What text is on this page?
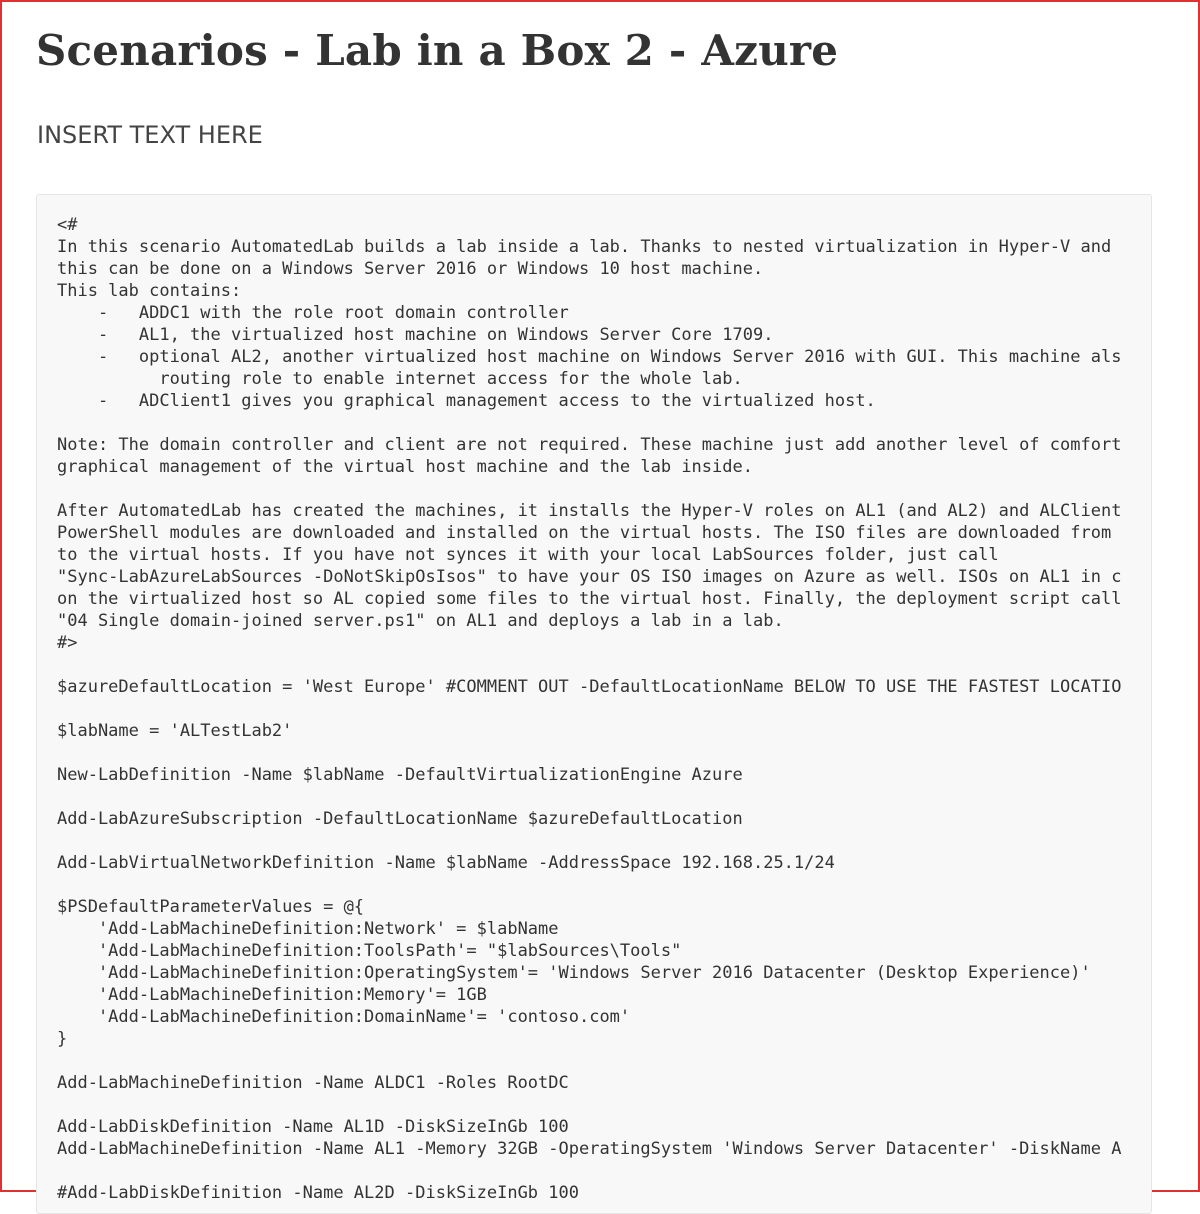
Scenarios - Lab in a Box 2 - Azure

INSERT TEXT HERE

<#
In this scenario AutomatedLab builds a lab inside a lab. Thanks to nested virtualization in Hyper-V and
this can be done on a Windows Server 2016 or Windows 10 host machine.
This lab contains:
-   ADDC1 with the role root domain controller
-   AL1, the virtualized host machine on Windows Server Core 1709.
-   optional AL2, another virtualized host machine on Windows Server 2016 with GUI. This machine als
routing role to enable internet access for the whole lab.
-   ADClient1 gives you graphical management access to the virtualized host.
Note: The domain controller and client are not required. These machine just add another level of comfort
graphical management of the virtual host machine and the lab inside.
After AutomatedLab has created the machines, it installs the Hyper-V roles on AL1 (and AL2) and ALClient
PowerShell modules are downloaded and installed on the virtual hosts. The ISO files are downloaded from
to the virtual hosts. If you have not synces it with your local LabSources folder, just call
"Sync-LabAzureLabSources -DoNotSkipOsIsos" to have your OS ISO images on Azure as well. ISOs on AL1 in c
on the virtualized host so AL copied some files to the virtual host. Finally, the deployment script call
"04 Single domain-joined server.ps1" on AL1 and deploys a lab in a lab.
#>
$azureDefaultLocation = 'West Europe' #COMMENT OUT -DefaultLocationName BELOW TO USE THE FASTEST LOCATIO
$labName = 'ALTestLab2'
New-LabDefinition -Name $labName -DefaultVirtualizationEngine Azure
Add-LabAzureSubscription -DefaultLocationName $azureDefaultLocation
Add-LabVirtualNetworkDefinition -Name $labName -AddressSpace 192.168.25.1/24
$PSDefaultParameterValues = @{
'Add-LabMachineDefinition:Network' = $labName
'Add-LabMachineDefinition:ToolsPath'= "$labSources\Tools"
'Add-LabMachineDefinition:OperatingSystem'= 'Windows Server 2016 Datacenter (Desktop Experience)'
'Add-LabMachineDefinition:Memory'= 1GB
'Add-LabMachineDefinition:DomainName'= 'contoso.com'
}
Add-LabMachineDefinition -Name ALDC1 -Roles RootDC
Add-LabDiskDefinition -Name AL1D -DiskSizeInGb 100
Add-LabMachineDefinition -Name AL1 -Memory 32GB -OperatingSystem 'Windows Server Datacenter' -DiskName A
#Add-LabDiskDefinition -Name AL2D -DiskSizeInGb 100
